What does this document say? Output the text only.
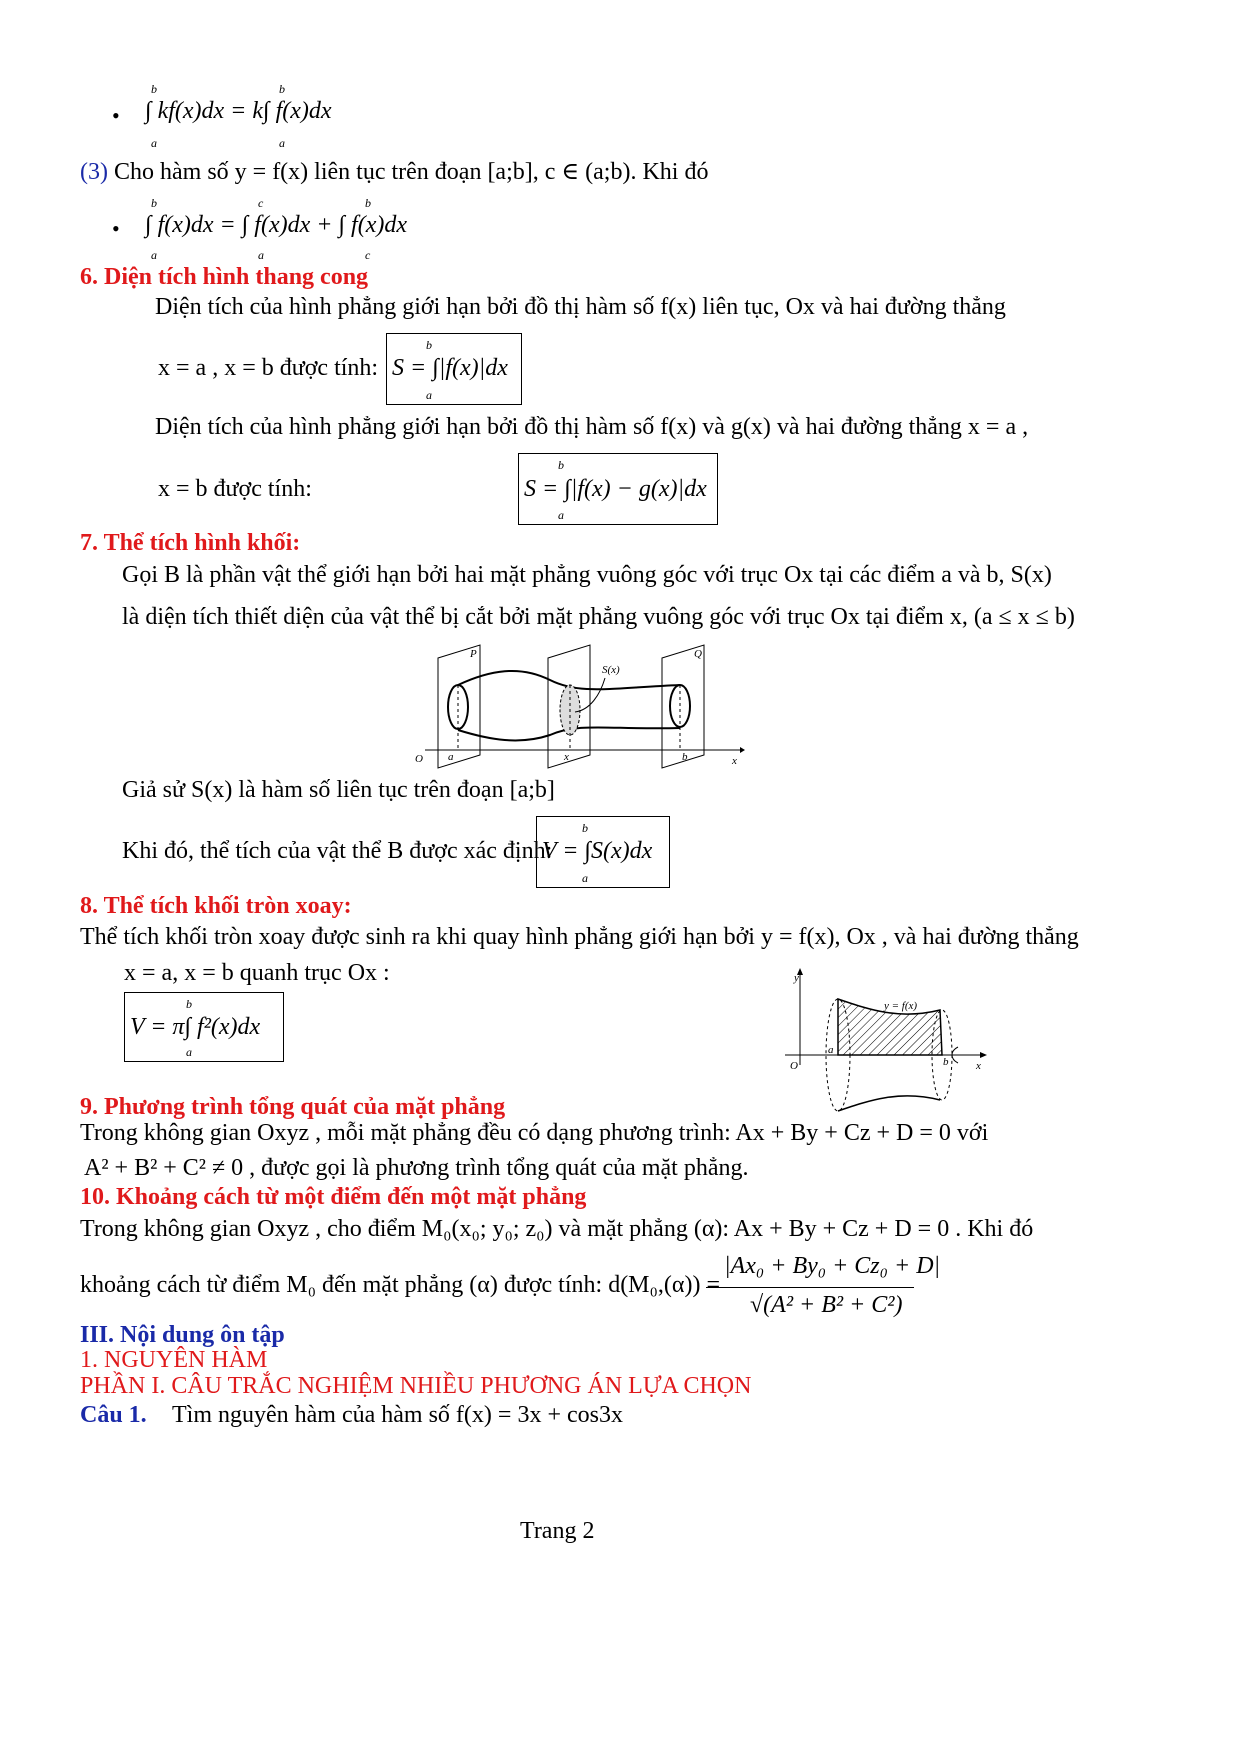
•
b
a
b
a
∫ kf(x)dx = k∫ f(x)dx
(3) Cho hàm số y = f(x) liên tục trên đoạn [a;b], c ∈ (a;b). Khi đó
•
b
a
c
a
b
c
∫ f(x)dx = ∫ f(x)dx + ∫ f(x)dx
6. Diện tích hình thang cong
Diện tích của hình phẳng giới hạn bởi đồ thị hàm số f(x) liên tục, Ox và hai đường thẳng
x = a , x = b được tính:
b
a
S = ∫|f(x)|dx
Diện tích của hình phẳng giới hạn bởi đồ thị hàm số f(x) và g(x) và hai đường thẳng x = a ,
x = b được tính:
b
a
S = ∫|f(x) − g(x)|dx
7. Thể tích hình khối:
Gọi B là phần vật thể giới hạn bởi hai mặt phẳng vuông góc với trục Ox tại các điểm a và b, S(x)
là diện tích thiết diện của vật thể bị cắt bởi mặt phẳng vuông góc với trục Ox tại điểm x, (a ≤ x ≤ b)
P	Q
S(x)
O a	x	b	x
Giả sử S(x) là hàm số liên tục trên đoạn [a;b]
Khi đó, thể tích của vật thể B được xác định:
b
a
V = ∫S(x)dx
8. Thể tích khối tròn xoay:
Thể tích khối tròn xoay được sinh ra khi quay hình phẳng giới hạn bởi y = f(x), Ox , và hai đường thẳng
x = a, x = b quanh trục Ox :
b
a
V = π∫ f²(x)dx
y
y = f(x)
O
a
b	x
9. Phương trình tổng quát của mặt phẳng
Trong không gian Oxyz , mỗi mặt phẳng đều có dạng phương trình: Ax + By + Cz + D = 0 với
A² + B² + C² ≠ 0 , được gọi là phương trình tổng quát của mặt phẳng.
10. Khoảng cách từ một điểm đến một mặt phẳng
Trong không gian Oxyz , cho điểm M₀(x₀; y₀; z₀) và mặt phẳng (α): Ax + By + Cz + D = 0 . Khi đó
khoảng cách từ điểm M₀ đến mặt phẳng (α) được tính: d(M₀,(α)) =
|Ax₀ + By₀ + Cz₀ + D|
√(A² + B² + C²)
III. Nội dung ôn tập
1. NGUYÊN HÀM
PHẦN I. CÂU TRẮC NGHIỆM NHIỀU PHƯƠNG ÁN LỰA CHỌN
Câu 1. Tìm nguyên hàm của hàm số f(x) = 3x + cos3x
Trang 2
